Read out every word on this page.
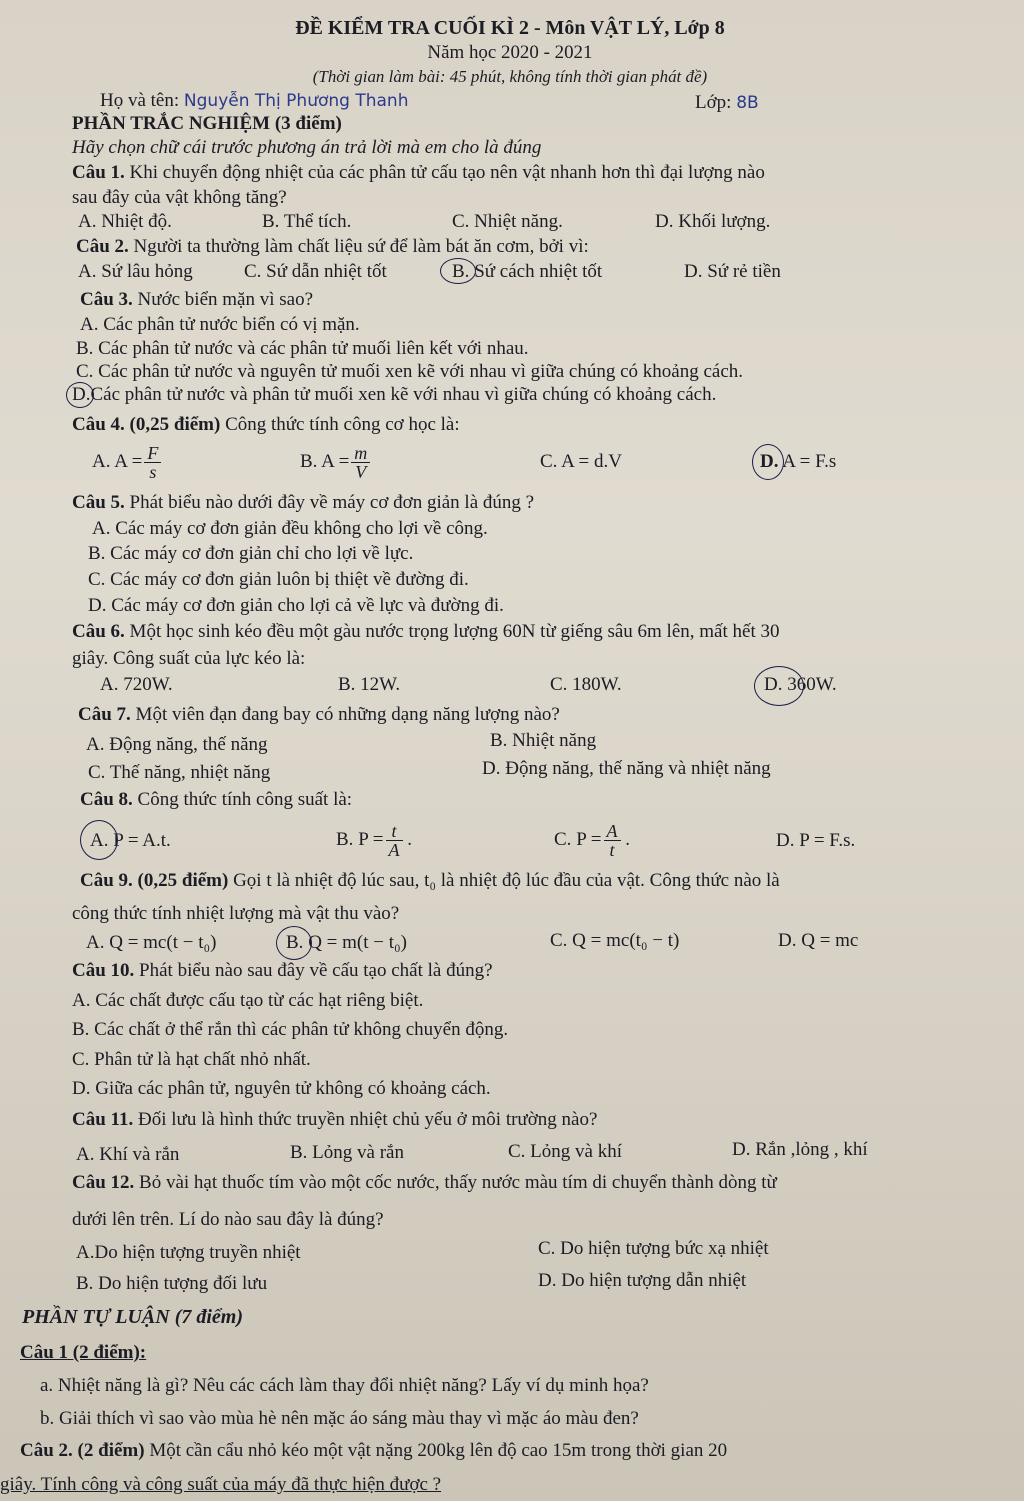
ĐỀ KIỂM TRA CUỐI KÌ 2 - Môn VẬT LÝ, Lớp 8
Năm học 2020 - 2021
(Thời gian làm bài: 45 phút, không tính thời gian phát đề)
Họ và tên: Nguyễn Thị Phương Thanh	Lớp: 8B
PHẦN TRẮC NGHIỆM (3 điểm)
Hãy chọn chữ cái trước phương án trả lời mà em cho là đúng
Câu 1. Khi chuyển động nhiệt của các phân tử cấu tạo nên vật nhanh hơn thì đại lượng nào
sau đây của vật không tăng?
A. Nhiệt độ.	B. Thể tích.	C. Nhiệt năng.	D. Khối lượng.
Câu 2. Người ta thường làm chất liệu sứ để làm bát ăn cơm, bởi vì:
A. Sứ lâu hỏng	C. Sứ dẫn nhiệt tốt	B. Sứ cách nhiệt tốt	D. Sứ rẻ tiền
Câu 3. Nước biển mặn vì sao?
A. Các phân tử nước biển có vị mặn.
B. Các phân tử nước và các phân tử muối liên kết với nhau.
C. Các phân tử nước và nguyên tử muối xen kẽ với nhau vì giữa chúng có khoảng cách.
D.Các phân tử nước và phân tử muối xen kẽ với nhau vì giữa chúng có khoảng cách.
Câu 4. (0,25 điểm) Công thức tính công cơ học là:
A. $A = \frac{F}{s}$	B. $A = \frac{m}{V}$	C. A = d.V	D. A = F.s
Câu 5. Phát biểu nào dưới đây về máy cơ đơn giản là đúng ?
A. Các máy cơ đơn giản đều không cho lợi về công.
B. Các máy cơ đơn giản chỉ cho lợi về lực.
C. Các máy cơ đơn giản luôn bị thiệt về đường đi.
D. Các máy cơ đơn giản cho lợi cả về lực và đường đi.
Câu 6. Một học sinh kéo đều một gàu nước trọng lượng 60N từ giếng sâu 6m lên, mất hết 30
giây. Công suất của lực kéo là:
A. 720W.	B. 12W.	C. 180W.	D. 360W.
Câu 7. Một viên đạn đang bay có những dạng năng lượng nào?
A. Động năng, thế năng	B. Nhiệt năng
C. Thế năng, nhiệt năng	D. Động năng, thế năng và nhiệt năng
Câu 8. Công thức tính công suất là:
A. P = A.t.	B. $P = \frac{t}{A}$ .	C. $P = \frac{A}{t}$ .	D. P = F.s.
Câu 9. (0,25 điểm) Gọi t là nhiệt độ lúc sau, t₀ là nhiệt độ lúc đầu của vật. Công thức nào là
công thức tính nhiệt lượng mà vật thu vào?
A. Q = mc(t − t₀)	B. Q = m(t − t₀)	C. Q = mc(t₀ − t)	D. Q = mc
Câu 10. Phát biểu nào sau đây về cấu tạo chất là đúng?
A. Các chất được cấu tạo từ các hạt riêng biệt.
B. Các chất ở thể rắn thì các phân tử không chuyển động.
C. Phân tử là hạt chất nhỏ nhất.
D. Giữa các phân tử, nguyên tử không có khoảng cách.
Câu 11. Đối lưu là hình thức truyền nhiệt chủ yếu ở môi trường nào?
A. Khí và rắn	B. Lỏng và rắn	C. Lỏng và khí	D. Rắn ,lỏng , khí
Câu 12. Bỏ vài hạt thuốc tím vào một cốc nước, thấy nước màu tím di chuyển thành dòng từ
dưới lên trên. Lí do nào sau đây là đúng?
A.Do hiện tượng truyền nhiệt	C. Do hiện tượng bức xạ nhiệt
B. Do hiện tượng đối lưu	D. Do hiện tượng dẫn nhiệt
PHẦN TỰ LUẬN (7 điểm)
Câu 1 (2 điểm):
a. Nhiệt năng là gì? Nêu các cách làm thay đổi nhiệt năng? Lấy ví dụ minh họa?
b. Giải thích vì sao vào mùa hè nên mặc áo sáng màu thay vì mặc áo màu đen?
Câu 2. (2 điểm) Một cần cẩu nhỏ kéo một vật nặng 200kg lên độ cao 15m trong thời gian 20
giây. Tính công và công suất của máy đã thực hiện được ?
